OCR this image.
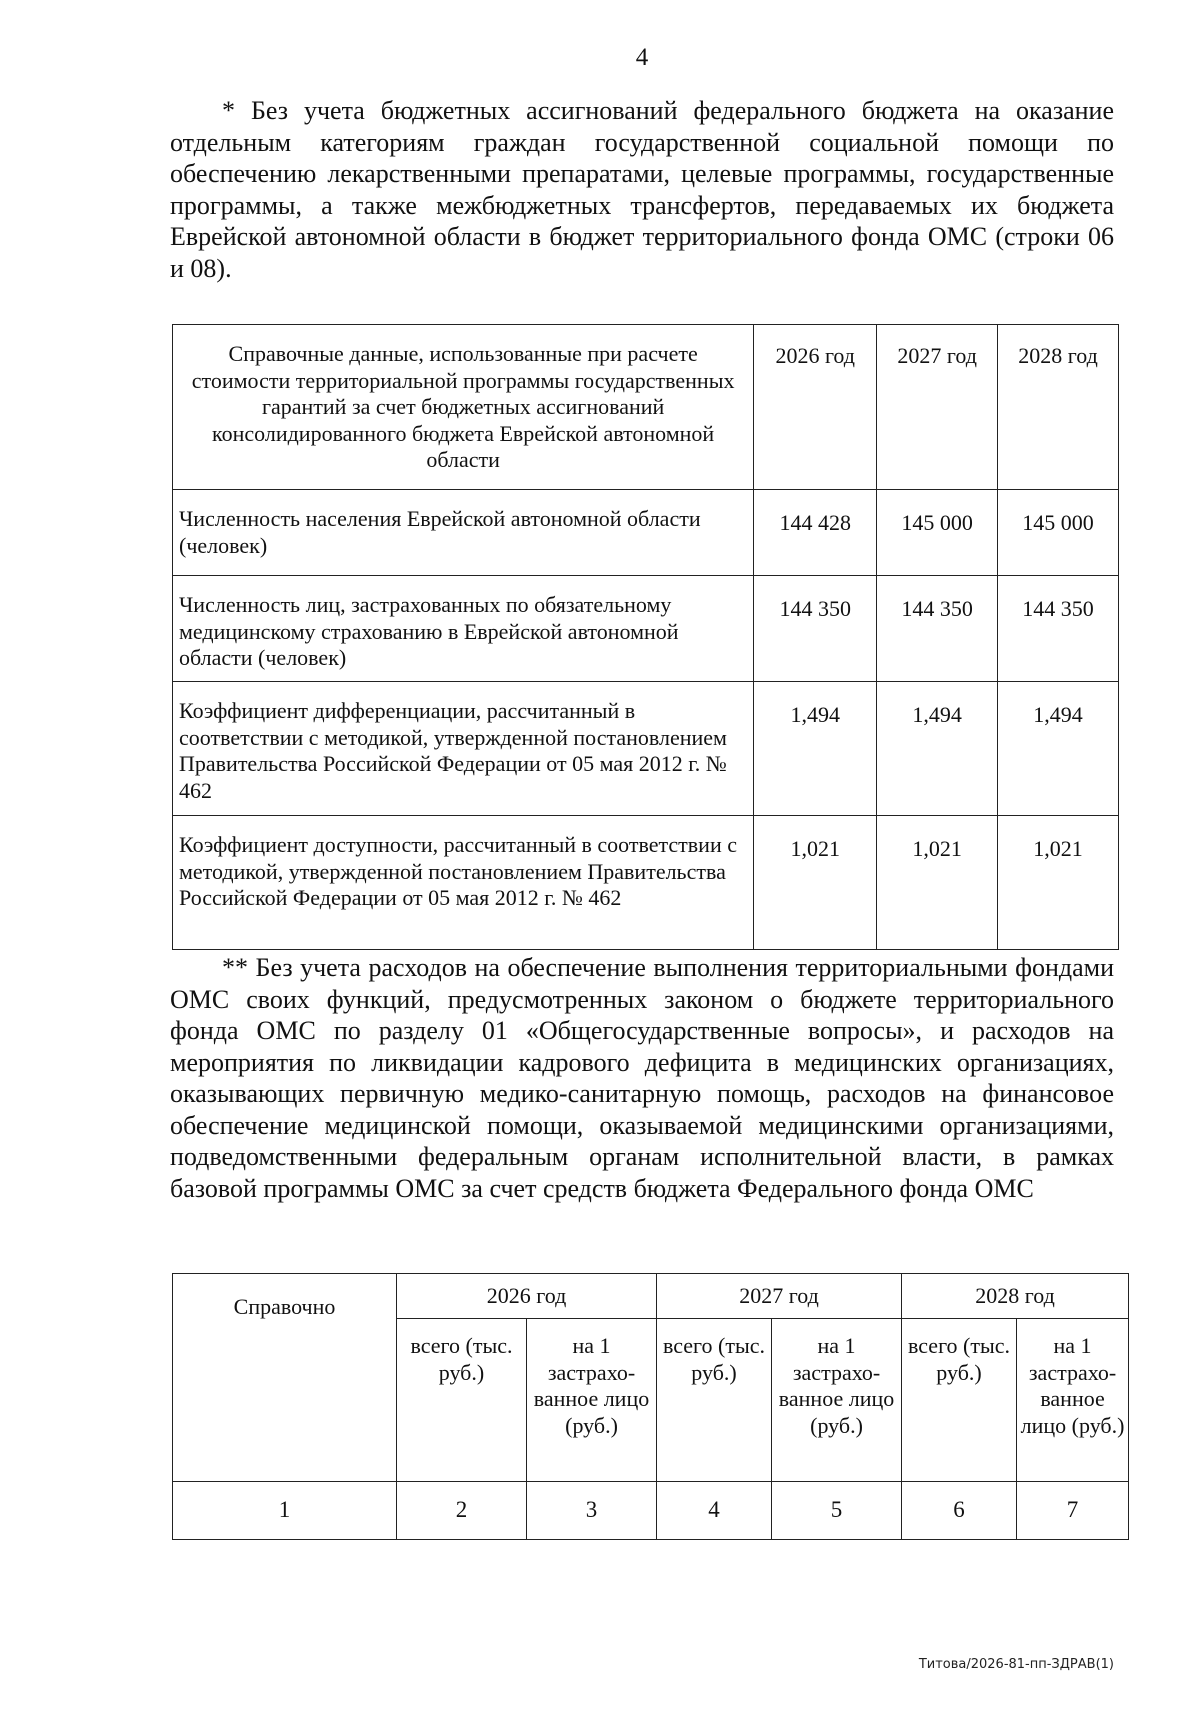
4

* Без учета бюджетных ассигнований федерального бюджета на оказание отдельным категориям граждан государственной социальной помощи по обеспечению лекарственными препаратами, целевые программы, государственные программы, а также межбюджетных трансфертов, передаваемых их бюджета Еврейской автономной области в бюджет территориального фонда ОМС (строки 06 и 08).

Справочные данные, использованные при расчете стоимости территориальной программы государственных гарантий за счет бюджетных ассигнований консолидированного бюджета Еврейской автономной области	2026 год	2027 год	2028 год
Численность населения Еврейской автономной области (человек)	144 428	145 000	145 000
Численность лиц, застрахованных по обязательному медицинскому страхованию в Еврейской автономной области (человек)	144 350	144 350	144 350
Коэффициент дифференциации, рассчитанный в соответствии с методикой, утвержденной постановлением Правительства Российской Федерации от 05 мая 2012 г. № 462	1,494	1,494	1,494
Коэффициент доступности, рассчитанный в соответствии с методикой, утвержденной постановлением Правительства Российской Федерации от 05 мая 2012 г. № 462	1,021	1,021	1,021

** Без учета расходов на обеспечение выполнения территориальными фондами ОМС своих функций, предусмотренных законом о бюджете территориального фонда ОМС по разделу 01 «Общегосударственные вопросы», и расходов на мероприятия по ликвидации кадрового дефицита в медицинских организациях, оказывающих первичную медико-санитарную помощь, расходов на финансовое обеспечение медицинской помощи, оказываемой медицинскими организациями, подведомственными федеральным органам исполнительной власти, в рамках базовой программы ОМС за счет средств бюджета Федерального фонда ОМС

Справочно	2026 год		2027 год		2028 год	
	всего (тыс. руб.)	на 1 застрахо-ванное лицо (руб.)	всего (тыс. руб.)	на 1 застрахо-ванное лицо (руб.)	всего (тыс. руб.)	на 1 застрахо-ванное лицо (руб.)
1	2	3	4	5	6	7
Титова/2026-81-пп-ЗДРАВ(1)
